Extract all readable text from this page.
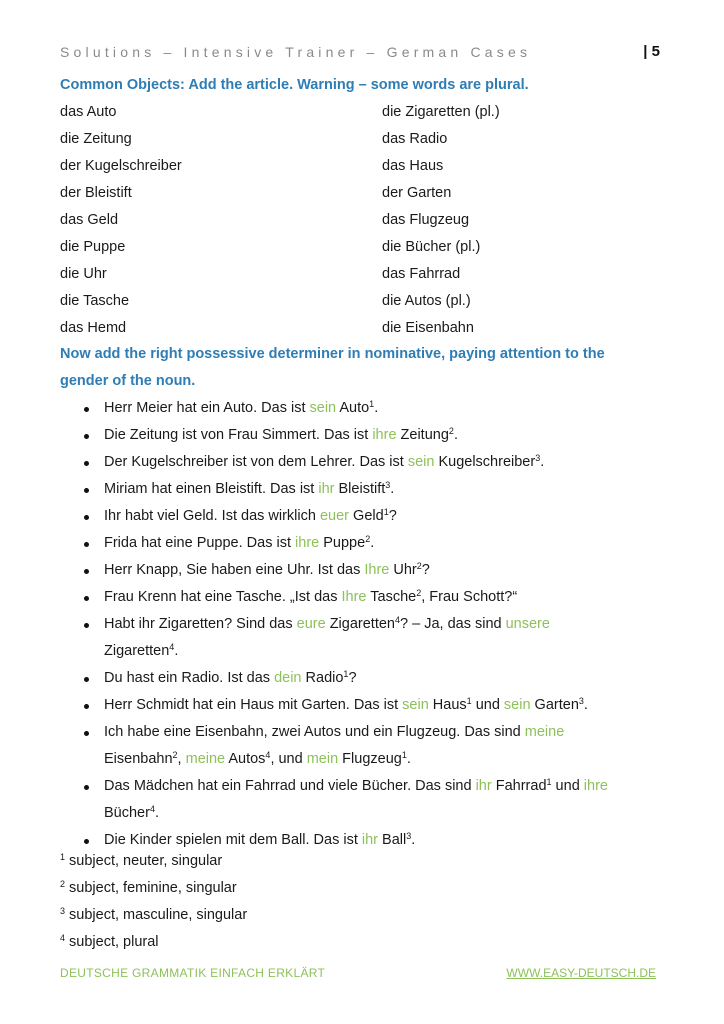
Solutions – Intensive Trainer – German Cases	| 5
Common Objects: Add the article. Warning – some words are plural.
das Auto
die Zeitung
der Kugelschreiber
der Bleistift
das Geld
die Puppe
die Uhr
die Tasche
das Hemd
die Zigaretten (pl.)
das Radio
das Haus
der Garten
das Flugzeug
die Bücher (pl.)
das Fahrrad
die Autos (pl.)
die Eisenbahn
Now add the right possessive determiner in nominative, paying attention to the
gender of the noun.
Herr Meier hat ein Auto. Das ist sein Auto$^1$.
Die Zeitung ist von Frau Simmert. Das ist ihre Zeitung$^2$.
Der Kugelschreiber ist von dem Lehrer. Das ist sein Kugelschreiber$^3$.
Miriam hat einen Bleistift. Das ist ihr Bleistift$^3$.
Ihr habt viel Geld. Ist das wirklich euer Geld$^1$?
Frida hat eine Puppe. Das ist ihre Puppe$^2$.
Herr Knapp, Sie haben eine Uhr. Ist das Ihre Uhr$^2$?
Frau Krenn hat eine Tasche. „Ist das Ihre Tasche$^2$, Frau Schott?“
Habt ihr Zigaretten? Sind das eure Zigaretten$^4$? – Ja, das sind unsere
Zigaretten$^4$.
Du hast ein Radio. Ist das dein Radio$^1$?
Herr Schmidt hat ein Haus mit Garten. Das ist sein Haus$^1$ und sein Garten$^3$.
Ich habe eine Eisenbahn, zwei Autos und ein Flugzeug. Das sind meine
Eisenbahn$^2$, meine Autos$^4$, und mein Flugzeug$^1$.
Das Mädchen hat ein Fahrrad und viele Bücher. Das sind ihr Fahrrad$^1$ und ihre
Bücher$^4$.
Die Kinder spielen mit dem Ball. Das ist ihr Ball$^3$.
$^1$ subject, neuter, singular
$^2$ subject, feminine, singular
$^3$ subject, masculine, singular
$^4$ subject, plural
DEUTSCHE GRAMMATIK EINFACH ERKLÄRT	WWW.EASY-DEUTSCH.DE
